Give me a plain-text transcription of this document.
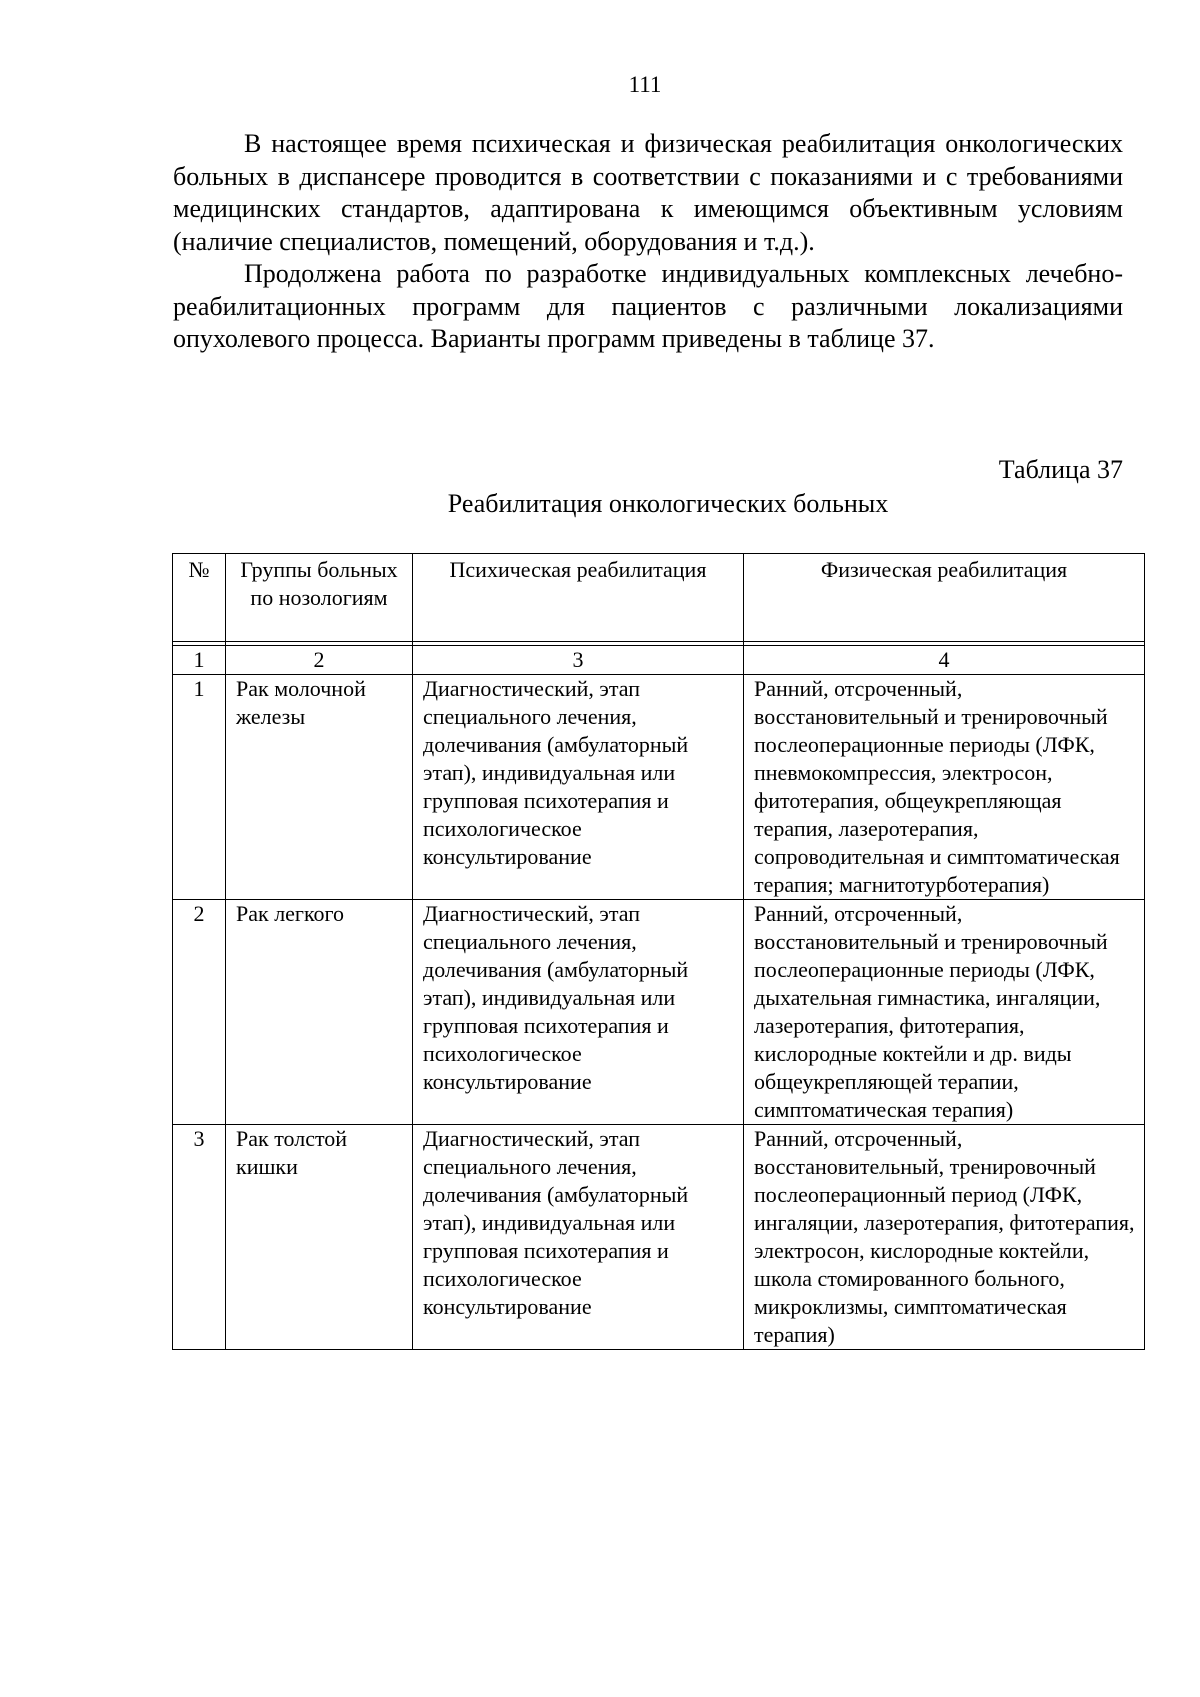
111

В настоящее время психическая и физическая реабилитация онкологических больных в диспансере проводится в соответствии с показаниями и с требованиями медицинских стандартов, адаптирована к имеющимся объективным условиям (наличие специалистов, помещений, оборудования и т.д.).

Продолжена работа по разработке индивидуальных комплексных лечебно-реабилитационных программ для пациентов с различными локализациями опухолевого процесса. Варианты программ приведены в таблице 37.

Таблица 37
Реабилитация онкологических больных
№	Группы больных по нозологиям	Психическая реабилитация	Физическая реабилитация

1	2	3	4
1	Рак молочной железы	Диагностический, этап специального лечения, долечивания (амбулаторный этап), индивидуальная или групповая психотерапия и психологическое консультирование	Ранний, отсроченный, восстановительный и тренировочный послеоперационные периоды (ЛФК, пневмокомпрессия, электросон, фитотерапия, общеукрепляющая терапия, лазеротерапия, сопроводительная и симптоматическая терапия; магнитотурботерапия)
2	Рак легкого	Диагностический, этап специального лечения, долечивания (амбулаторный этап), индивидуальная или групповая психотерапия и психологическое консультирование	Ранний, отсроченный, восстановительный и тренировочный послеоперационные периоды (ЛФК, дыхательная гимнастика, ингаляции, лазеротерапия, фитотерапия, кислородные коктейли и др. виды общеукрепляющей терапии, симптоматическая терапия)
3	Рак толстой кишки	Диагностический, этап специального лечения, долечивания (амбулаторный этап), индивидуальная или групповая психотерапия и психологическое консультирование	Ранний, отсроченный, восстановительный, тренировочный послеоперационный период (ЛФК, ингаляции, лазеротерапия, фитотерапия, электросон, кислородные коктейли, школа стомированного больного, микроклизмы, симптоматическая терапия)
